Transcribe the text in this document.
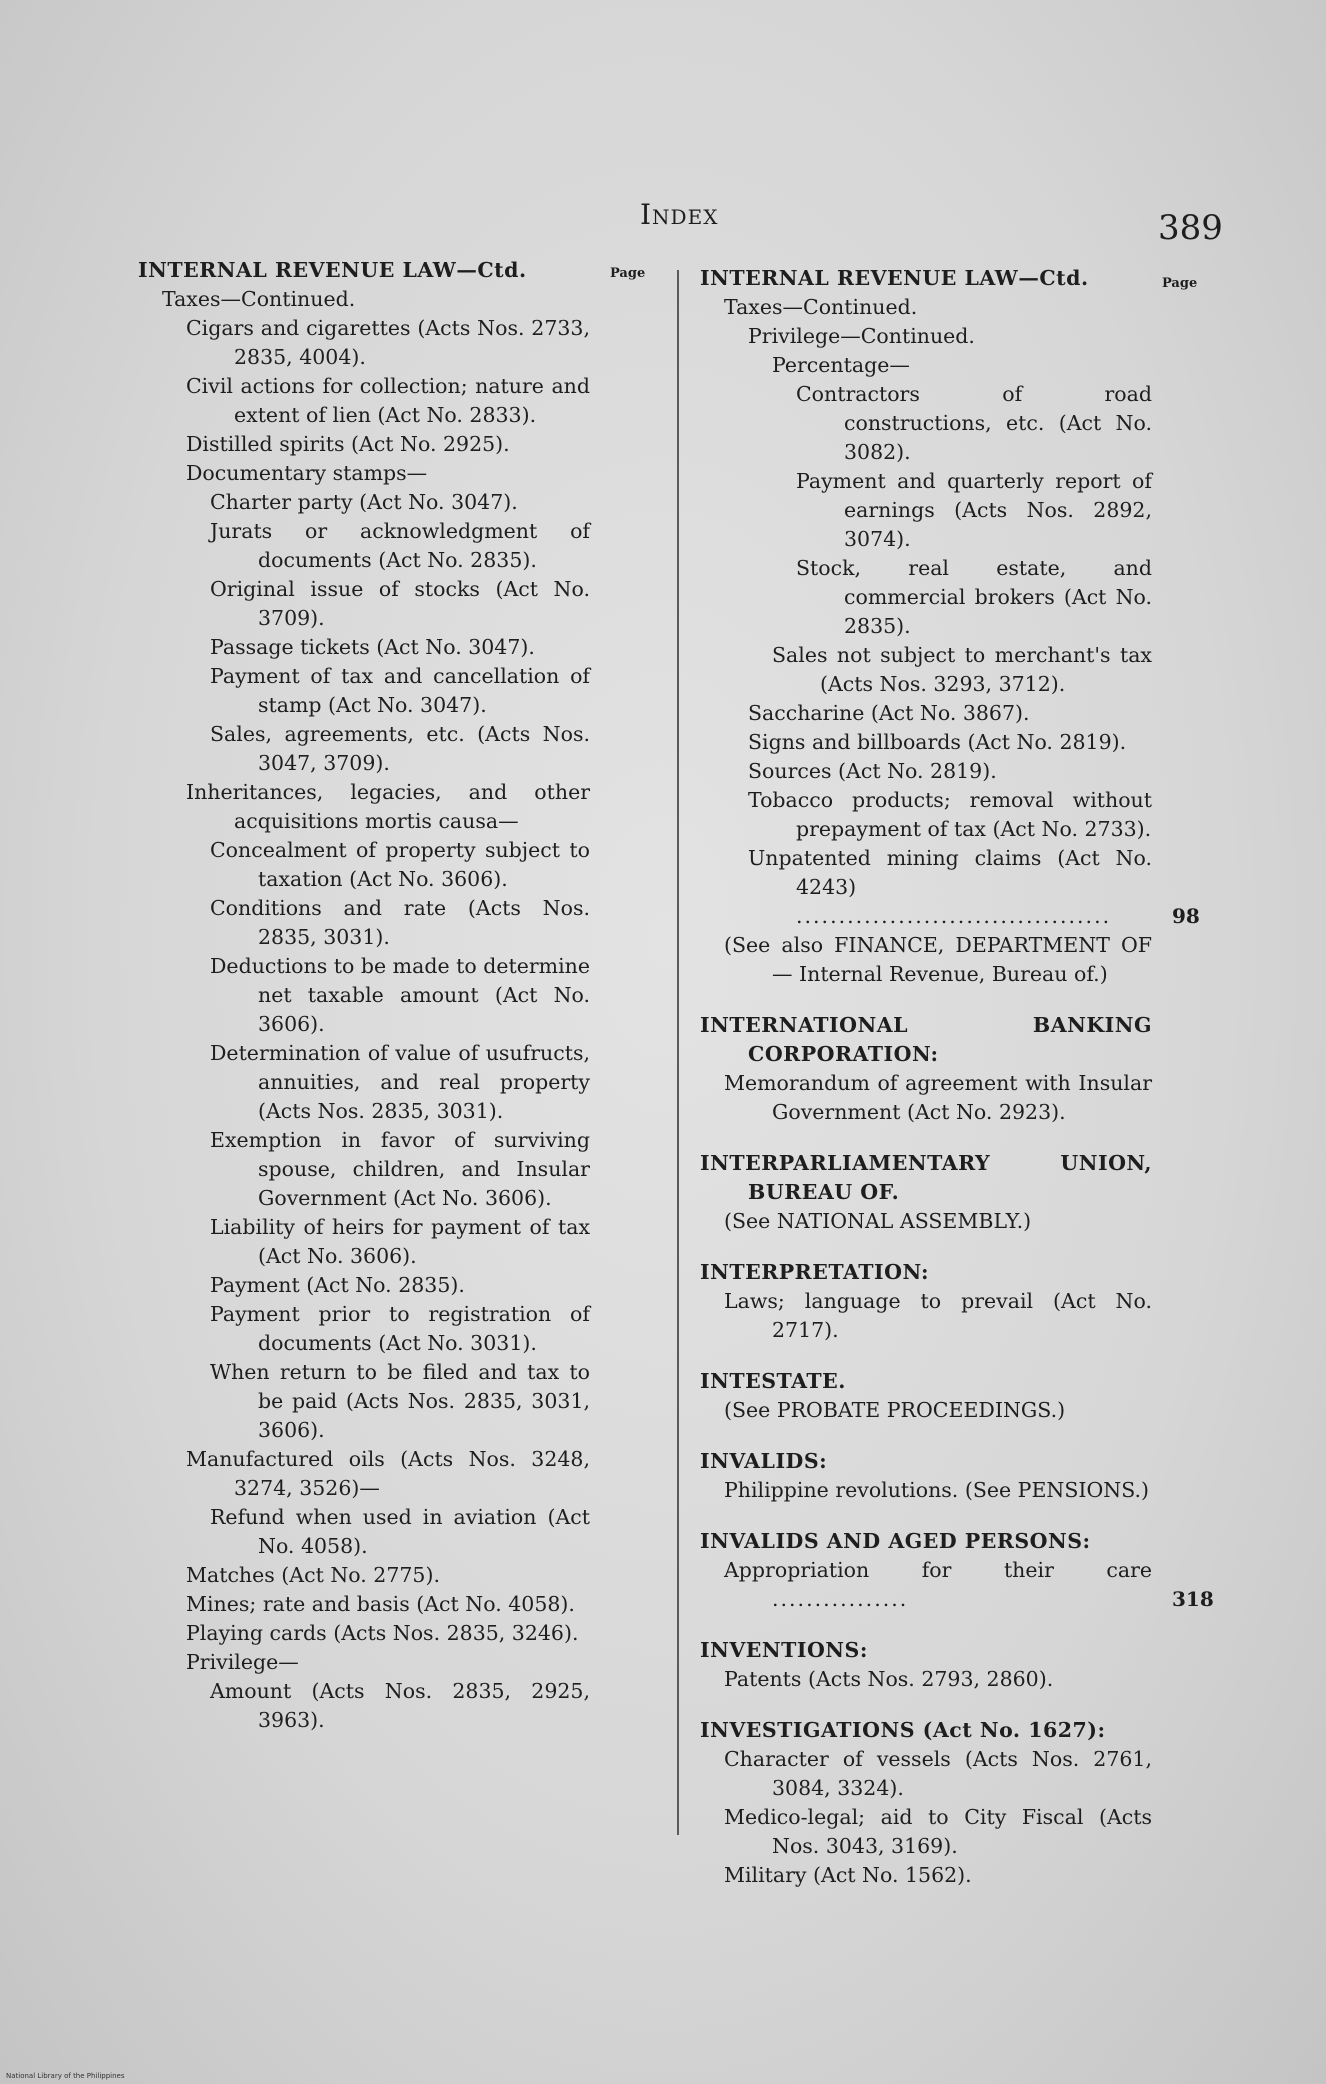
Index	389
Page
Page
INTERNAL REVENUE LAW—Ctd.
Taxes—Continued.
Cigars and cigarettes (Acts Nos. 2733, 2835, 4004).
Civil actions for collection; nature and extent of lien (Act No. 2833).
Distilled spirits (Act No. 2925).
Documentary stamps—
Charter party (Act No. 3047).
Jurats or acknowledgment of documents (Act No. 2835).
Original issue of stocks (Act No. 3709).
Passage tickets (Act No. 3047).
Payment of tax and cancellation of stamp (Act No. 3047).
Sales, agreements, etc. (Acts Nos. 3047, 3709).
Inheritances, legacies, and other acquisitions mortis causa—
Concealment of property subject to taxation (Act No. 3606).
Conditions and rate (Acts Nos. 2835, 3031).
Deductions to be made to determine net taxable amount (Act No. 3606).
Determination of value of usufructs, annuities, and real property (Acts Nos. 2835, 3031).
Exemption in favor of surviving spouse, children, and Insular Government (Act No. 3606).
Liability of heirs for payment of tax (Act No. 3606).
Payment (Act No. 2835).
Payment prior to registration of documents (Act No. 3031).
When return to be filed and tax to be paid (Acts Nos. 2835, 3031, 3606).
Manufactured oils (Acts Nos. 3248, 3274, 3526)—
Refund when used in aviation (Act No. 4058).
Matches (Act No. 2775).
Mines; rate and basis (Act No. 4058).
Playing cards (Acts Nos. 2835, 3246).
Privilege—
Amount (Acts Nos. 2835, 2925, 3963).
INTERNAL REVENUE LAW—Ctd.
Taxes—Continued.
Privilege—Continued.
Percentage—
Contractors of road constructions, etc. (Act No. 3082).
Payment and quarterly report of earnings (Acts Nos. 2892, 3074).
Stock, real estate, and commercial brokers (Act No. 2835).
Sales not subject to merchant's tax (Acts Nos. 3293, 3712).
Saccharine (Act No. 3867).
Signs and billboards (Act No. 2819).
Sources (Act No. 2819).
Tobacco products; removal without prepayment of tax (Act No. 2733).
Unpatented mining claims (Act No. 4243) .....................................	98
(See also FINANCE, DEPARTMENT OF— Internal Revenue, Bureau of.)
INTERNATIONAL BANKING CORPORATION:
Memorandum of agreement with Insular Government (Act No. 2923).
INTERPARLIAMENTARY UNION, BUREAU OF.
(See NATIONAL ASSEMBLY.)
INTERPRETATION:
Laws; language to prevail (Act No. 2717).
INTESTATE.
(See PROBATE PROCEEDINGS.)
INVALIDS:
Philippine revolutions. (See PENSIONS.)
INVALIDS AND AGED PERSONS:
Appropriation for their care ................	318
INVENTIONS:
Patents (Acts Nos. 2793, 2860).
INVESTIGATIONS (Act No. 1627):
Character of vessels (Acts Nos. 2761, 3084, 3324).
Medico-legal; aid to City Fiscal (Acts Nos. 3043, 3169).
Military (Act No. 1562).
National Library of the Philippines
